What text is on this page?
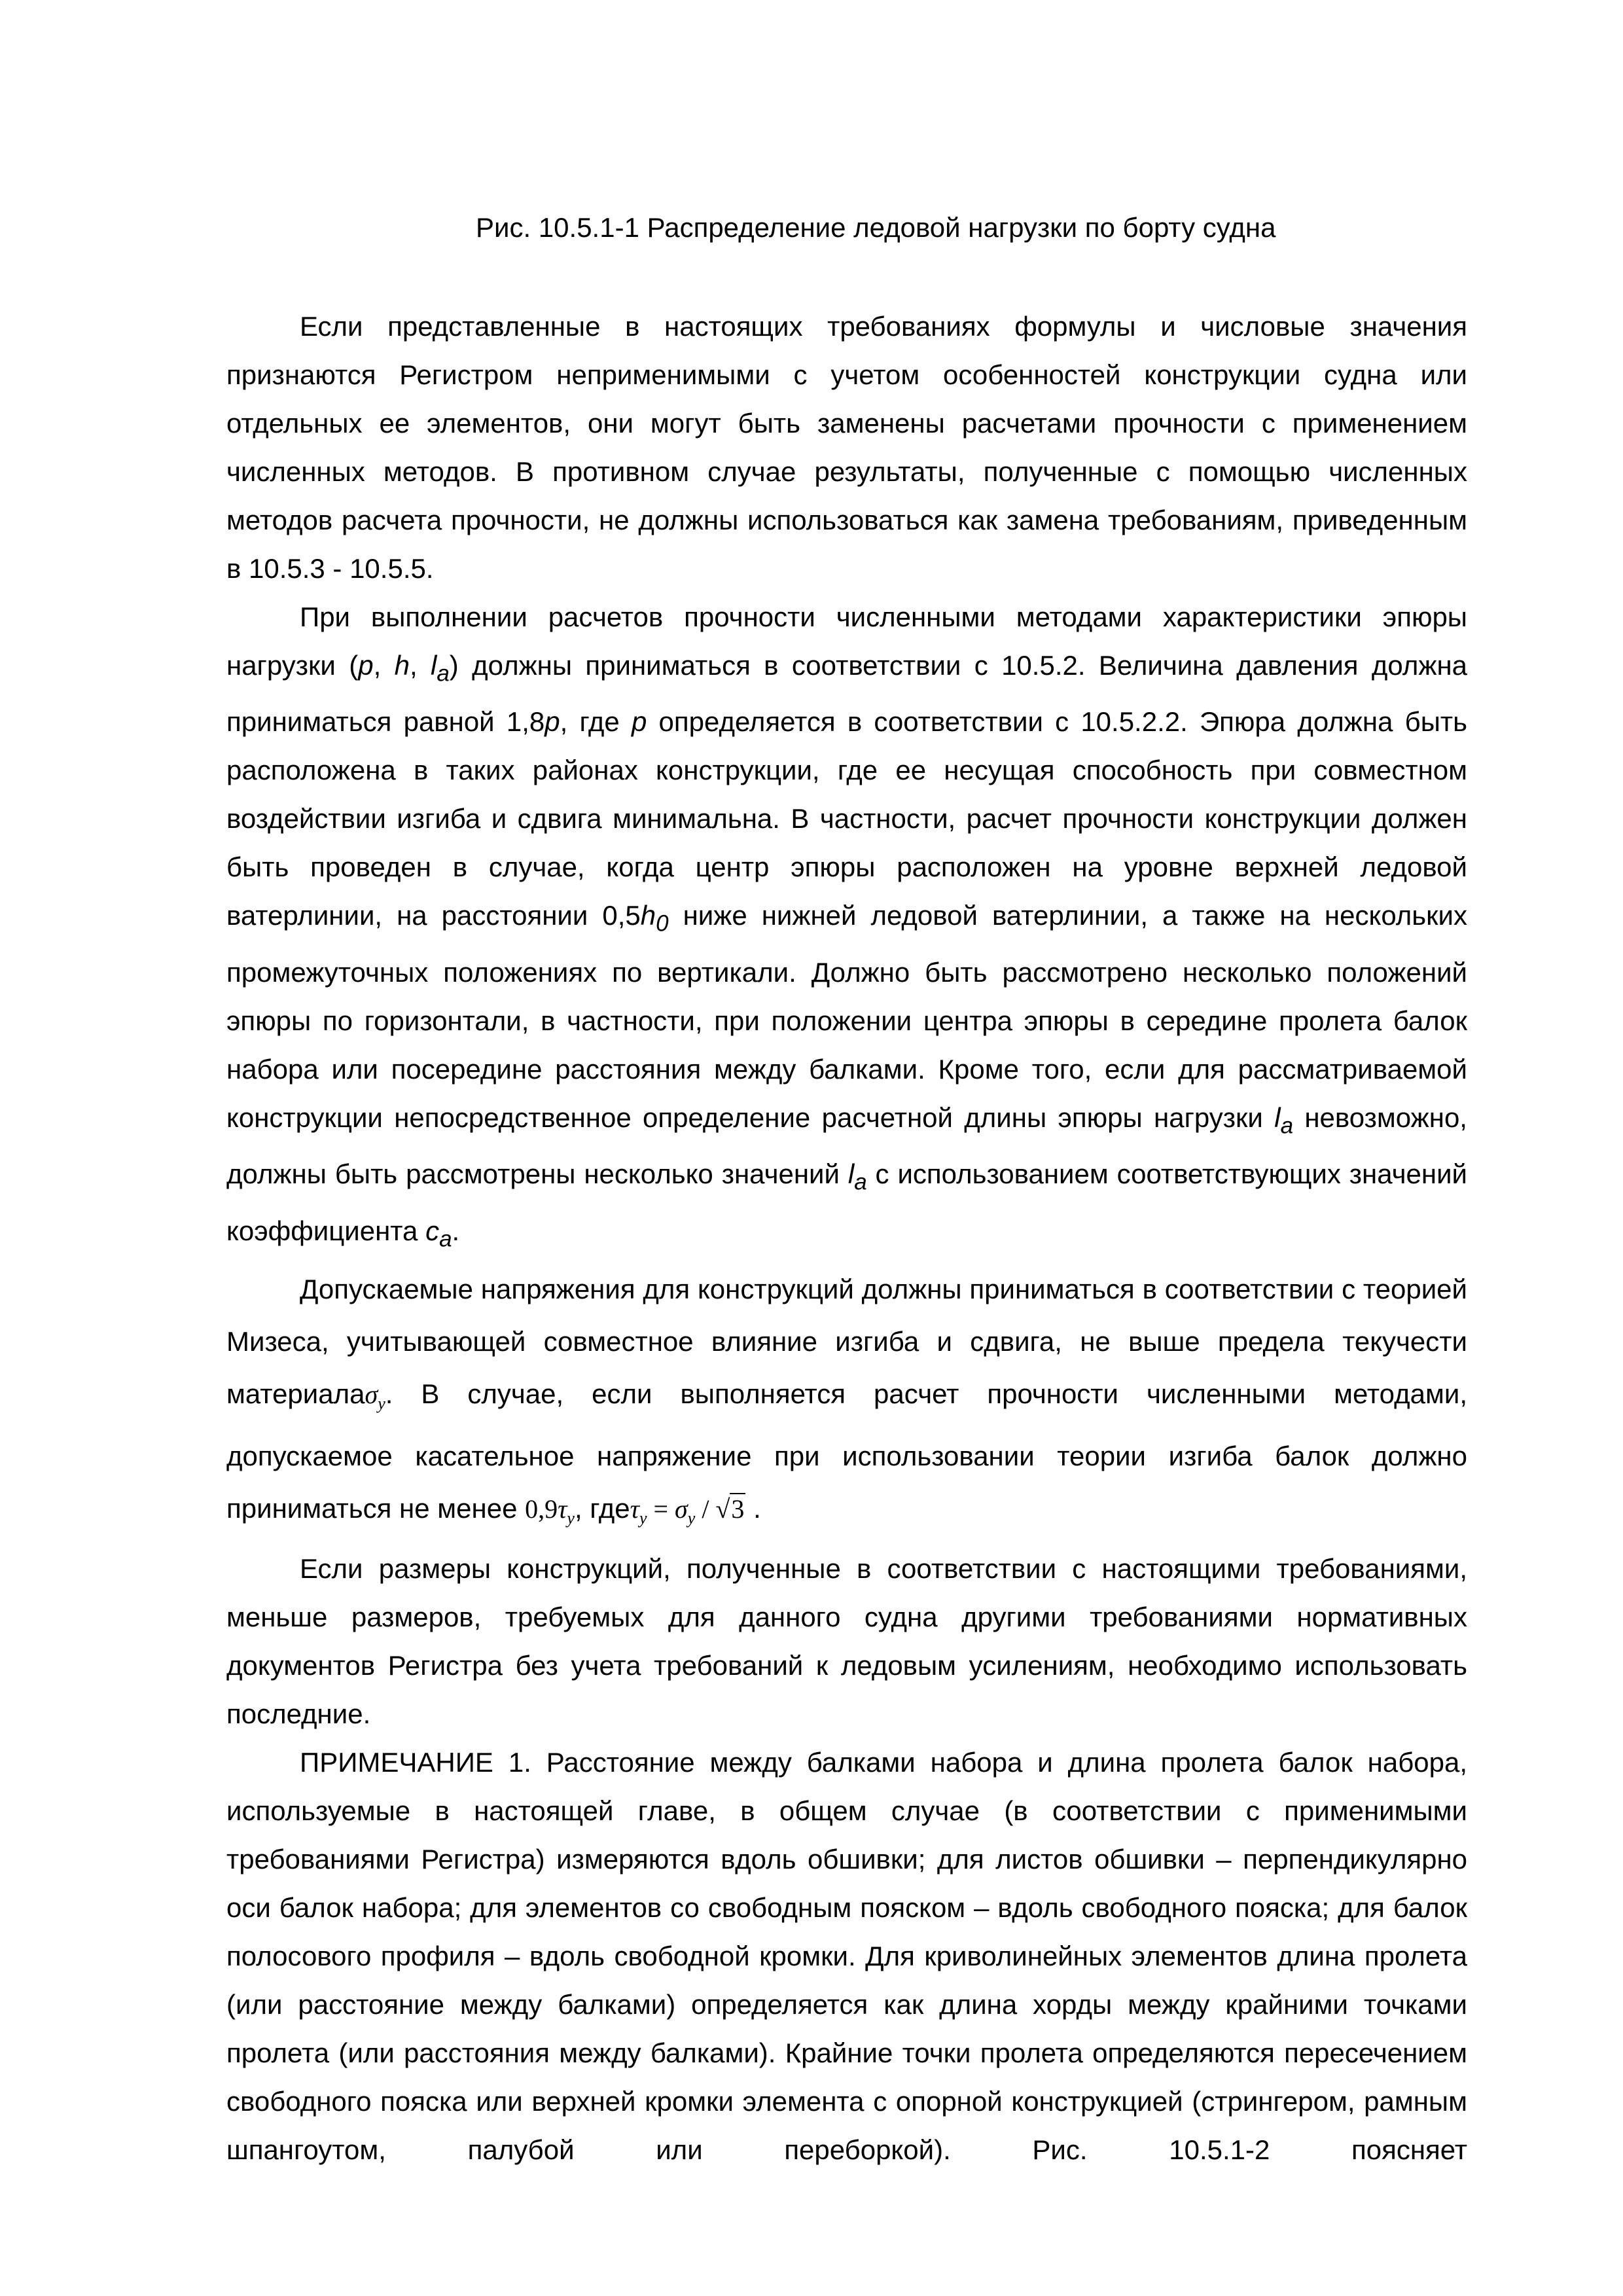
Рис. 10.5.1-1 Распределение ледовой нагрузки по борту судна

Если представленные в настоящих требованиях формулы и числовые значения признаются Регистром неприменимыми с учетом особенностей конструкции судна или отдельных ее элементов, они могут быть заменены расчетами прочности с применением численных методов. В противном случае результаты, полученные с помощью численных методов расчета прочности, не должны использоваться как замена требованиям, приведенным в 10.5.3 - 10.5.5.

При выполнении расчетов прочности численными методами характеристики эпюры нагрузки (p, h, $l_a$) должны приниматься в соответствии с 10.5.2. Величина давления должна приниматься равной 1,8p, где p определяется в соответствии с 10.5.2.2. Эпюра должна быть расположена в таких районах конструкции, где ее несущая способность при совместном воздействии изгиба и сдвига минимальна. В частности, расчет прочности конструкции должен быть проведен в случае, когда центр эпюры расположен на уровне верхней ледовой ватерлинии, на расстоянии $0,5h_0$ ниже нижней ледовой ватерлинии, а также на нескольких промежуточных положениях по вертикали. Должно быть рассмотрено несколько положений эпюры по горизонтали, в частности, при положении центра эпюры в середине пролета балок набора или посередине расстояния между балками. Кроме того, если для рассматриваемой конструкции непосредственное определение расчетной длины эпюры нагрузки $l_a$ невозможно, должны быть рассмотрены несколько значений $l_a$ с использованием соответствующих значений коэффициента $c_a$.

Допускаемые напряжения для конструкций должны приниматься в соответствии с теорией Мизеса, учитывающей совместное влияние изгиба и сдвига, не выше предела текучести материалаσ$_y$. В случае, если выполняется расчет прочности численными методами, допускаемое касательное напряжение при использовании теории изгиба балок должно приниматься не менее $0,9\tau_y$, $где\tau_y = \sigma_y / √3$ .

Если размеры конструкций, полученные в соответствии с настоящими требованиями, меньше размеров, требуемых для данного судна другими требованиями нормативных документов Регистра без учета требований к ледовым усилениям, необходимо использовать последние.

ПРИМЕЧАНИЕ 1. Расстояние между балками набора и длина пролета балок набора, используемые в настоящей главе, в общем случае (в соответствии с применимыми требованиями Регистра) измеряются вдоль обшивки; для листов обшивки – перпендикулярно оси балок набора; для элементов со свободным пояском – вдоль свободного пояска; для балок полосового профиля – вдоль свободной кромки. Для криволинейных элементов длина пролета (или расстояние между балками) определяется как длина хорды между крайними точками пролета (или расстояния между балками). Крайние точки пролета определяются пересечением свободного пояска или верхней кромки элемента с опорной конструкцией (стрингером, рамным шпангоутом, палубой или переборкой). Рис. 10.5.1-2 поясняет
